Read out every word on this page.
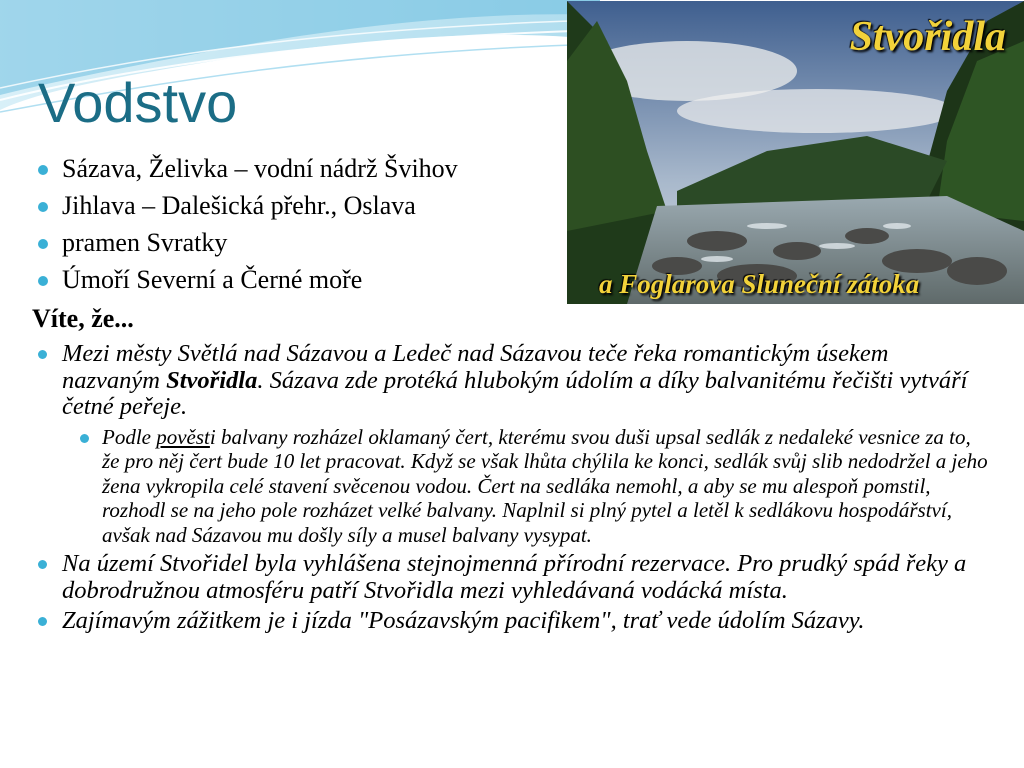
Vodstvo
Stvořidla
a Foglarova Sluneční zátoka
Sázava, Želivka – vodní nádrž Švihov
Jihlava – Dalešická přehr., Oslava
pramen Svratky
Úmoří Severní a Černé moře
Víte, že...
Mezi městy Světlá nad Sázavou a Ledeč nad Sázavou teče řeka romantickým úsekem nazvaným Stvořidla. Sázava zde protéká hlubokým údolím a díky balvanitému řečišti vytváří četné peřeje.
Podle pověsti balvany rozházel oklamaný čert, kterému svou duši upsal sedlák z nedaleké vesnice za to, že pro něj čert bude 10 let pracovat. Když se však lhůta chýlila ke konci, sedlák svůj slib nedodržel a jeho žena vykropila celé stavení svěcenou vodou. Čert na sedláka nemohl, a aby se mu alespoň pomstil, rozhodl se na jeho pole rozházet velké balvany. Naplnil si plný pytel a letěl k sedlákovu hospodářství, avšak nad Sázavou mu došly síly a musel balvany vysypat.
Na území Stvořidel byla vyhlášena stejnojmenná přírodní rezervace. Pro prudký spád řeky a dobrodružnou atmosféru patří Stvořidla mezi vyhledávaná vodácká místa.
Zajímavým zážitkem je i jízda "Posázavským pacifikem", trať vede údolím Sázavy.
